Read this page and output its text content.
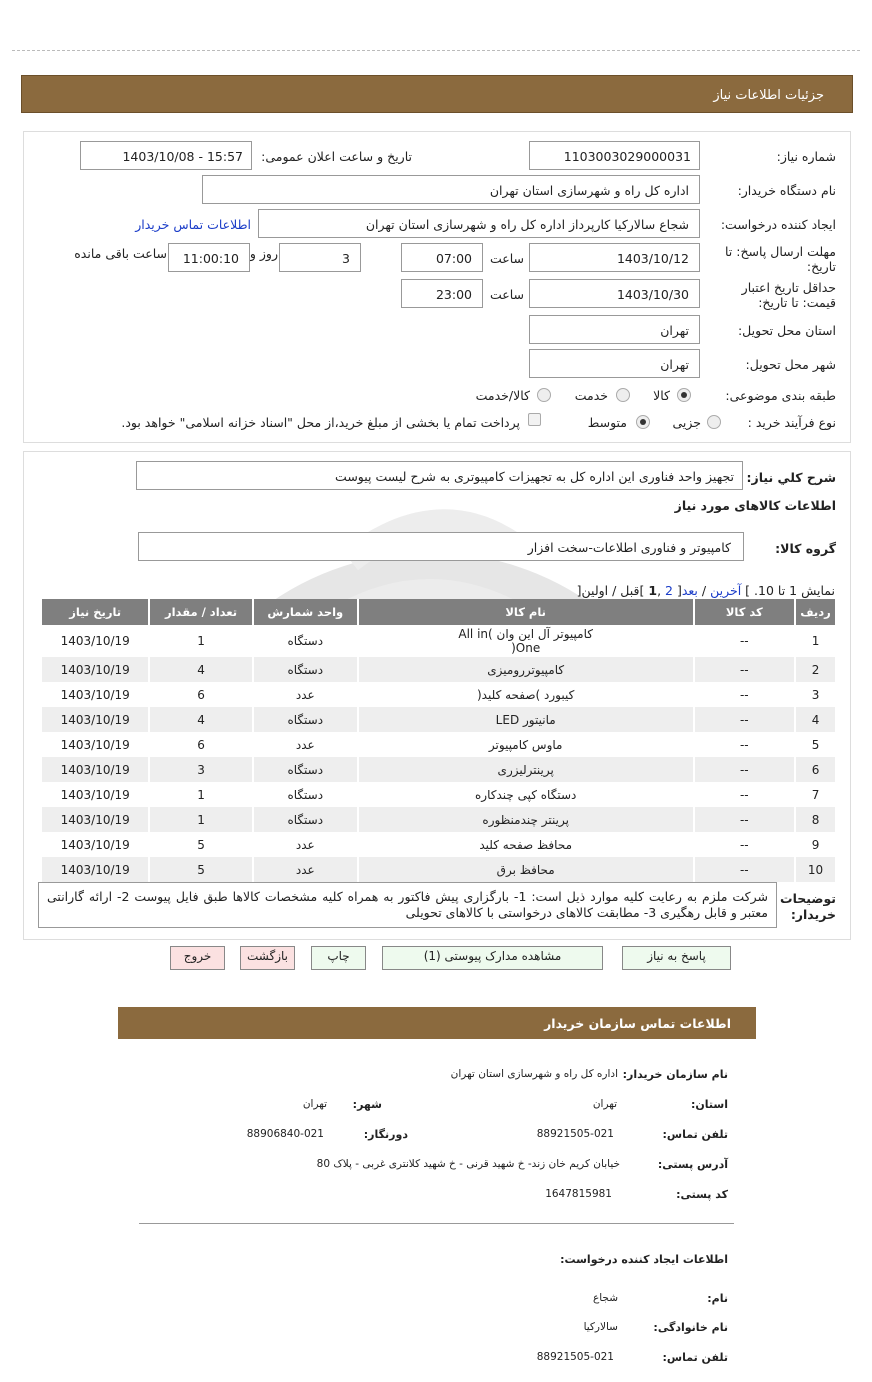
جزئیات اطلاعات نیاز
شماره نیاز:
1103003029000031
تاریخ و ساعت اعلان عمومی:
1403/10/08 - 15:57
نام دستگاه خریدار:
اداره کل راه و شهرسازی استان تهران
ایجاد کننده درخواست:
شجاع سالارکیا کارپرداز اداره کل راه و شهرسازی استان تهران
اطلاعات تماس خریدار
مهلت ارسال پاسخ: تا
تاریخ:
1403/10/12
ساعت
07:00
3
روز و
11:00:10
ساعت باقی مانده
حداقل تاریخ اعتبار
قیمت: تا تاریخ:
1403/10/30
ساعت
23:00
استان محل تحویل:
تهران
شهر محل تحویل:
تهران
طبقه بندی موضوعی:
کالا
خدمت
کالا/خدمت
نوع فرآیند خرید :
جزیی
متوسط
پرداخت تمام یا بخشی از مبلغ خرید،از محل "اسناد خزانه اسلامی" خواهد بود.
شرح کلي نياز:
تجهیز واحد فناوری این اداره کل به تجهیزات کامپیوتری به شرح لیست پیوست
اطلاعات کالاهای مورد نیاز
گروه کالا:
کامپیوتر و فناوری اطلاعات-سخت افزار
نمایش 1 تا 10. ] آخرین / بعد[ 2 ,1 ]قبل / اولین[
ردیف	کد کالا	نام کالا	واحد شمارش	تعداد / مقدار	تاریخ نیاز
1	--	کامپیوتر آل این وان )All in One(	دستگاه	1	1403/10/19
2	--	کامپیوتررومیزی	دستگاه	4	1403/10/19
3	--	کیبورد )صفحه کلید(	عدد	6	1403/10/19
4	--	مانیتور LED	دستگاه	4	1403/10/19
5	--	ماوس کامپیوتر	عدد	6	1403/10/19
6	--	پرینترلیزری	دستگاه	3	1403/10/19
7	--	دستگاه کپی چندکاره	دستگاه	1	1403/10/19
8	--	پرینتر چندمنظوره	دستگاه	1	1403/10/19
9	--	محافظ صفحه کلید	عدد	5	1403/10/19
10	--	محافظ برق	عدد	5	1403/10/19
توضیحات
خریدار:
شرکت ملزم به رعایت کلیه موارد ذیل است: 1- بارگزاری پیش فاکتور به همراه کلیه مشخصات کالاها طبق فایل پیوست 2- ارائه گارانتی معتبر و قابل رهگیری 3- مطابقت کالاهای درخواستی با کالاهای تحویلی
پاسخ به نیاز
مشاهده مدارک پیوستی (1)
چاپ
بازگشت
خروج
اطلاعات تماس سازمان خریدار
نام سازمان خریدار:
اداره کل راه و شهرسازی استان تهران
استان:
تهران
شهر:
تهران
تلفن تماس:
88921505-021
دورنگار:
88906840-021
آدرس پستی:
خیابان کریم خان زند- خ شهید قرنی - خ شهید کلانتری غربی - پلاک 80
کد پستی:
1647815981
اطلاعات ایجاد کننده درخواست:
نام:
شجاع
نام خانوادگی:
سالارکیا
تلفن تماس:
88921505-021
